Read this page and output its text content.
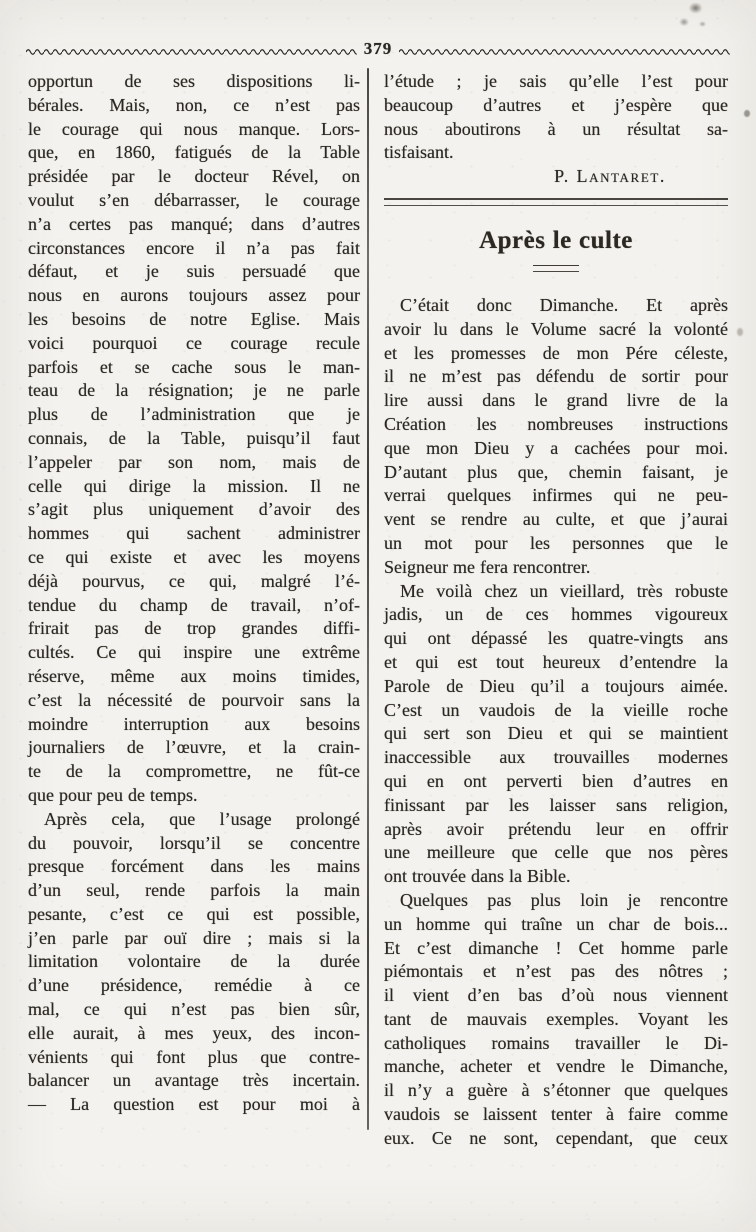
379
opportun de ses dispositions li-
bérales. Mais, non, ce n’est pas
le courage qui nous manque. Lors-
que, en 1860, fatigués de la Table
présidée par le docteur Rével, on
voulut s’en débarrasser, le courage
n’a certes pas manqué; dans d’autres
circonstances encore il n’a pas fait
défaut, et je suis persuadé que
nous en aurons toujours assez pour
les besoins de notre Eglise. Mais
voici pourquoi ce courage recule
parfois et se cache sous le man-
teau de la résignation; je ne parle
plus de l’administration que je
connais, de la Table, puisqu’il faut
l’appeler par son nom, mais de
celle qui dirige la mission. Il ne
s’agit plus uniquement d’avoir des
hommes qui sachent administrer
ce qui existe et avec les moyens
déjà pourvus, ce qui, malgré l’é-
tendue du champ de travail, n’of-
frirait pas de trop grandes diffi-
cultés. Ce qui inspire une extrême
réserve, même aux moins timides,
c’est la nécessité de pourvoir sans la
moindre interruption aux besoins
journaliers de l’œuvre, et la crain-
te de la compromettre, ne fût-ce
que pour peu de temps.
Après cela, que l’usage prolongé
du pouvoir, lorsqu’il se concentre
presque forcément dans les mains
d’un seul, rende parfois la main
pesante, c’est ce qui est possible,
j’en parle par ouï dire ; mais si la
limitation volontaire de la durée
d’une présidence, remédie à ce
mal, ce qui n’est pas bien sûr,
elle aurait, à mes yeux, des incon-
vénients qui font plus que contre-
balancer un avantage très incertain.
— La question est pour moi à
l’étude ; je sais qu’elle l’est pour
beaucoup d’autres et j’espère que
nous aboutirons à un résultat sa-
tisfaisant.
P. Lantaret.
Après le culte
C’était donc Dimanche. Et après
avoir lu dans le Volume sacré la volonté
et les promesses de mon Pére céleste,
il ne m’est pas défendu de sortir pour
lire aussi dans le grand livre de la
Création les nombreuses instructions
que mon Dieu y a cachées pour moi.
D’autant plus que, chemin faisant, je
verrai quelques infirmes qui ne peu-
vent se rendre au culte, et que j’aurai
un mot pour les personnes que le
Seigneur me fera rencontrer.
Me voilà chez un vieillard, très robuste
jadis, un de ces hommes vigoureux
qui ont dépassé les quatre-vingts ans
et qui est tout heureux d’entendre la
Parole de Dieu qu’il a toujours aimée.
C’est un vaudois de la vieille roche
qui sert son Dieu et qui se maintient
inaccessible aux trouvailles modernes
qui en ont perverti bien d’autres en
finissant par les laisser sans religion,
après avoir prétendu leur en offrir
une meilleure que celle que nos pères
ont trouvée dans la Bible.
Quelques pas plus loin je rencontre
un homme qui traîne un char de bois...
Et c’est dimanche ! Cet homme parle
piémontais et n’est pas des nôtres ;
il vient d’en bas d’où nous viennent
tant de mauvais exemples. Voyant les
catholiques romains travailler le Di-
manche, acheter et vendre le Dimanche,
il n’y a guère à s’étonner que quelques
vaudois se laissent tenter à faire comme
eux. Ce ne sont, cependant, que ceux
